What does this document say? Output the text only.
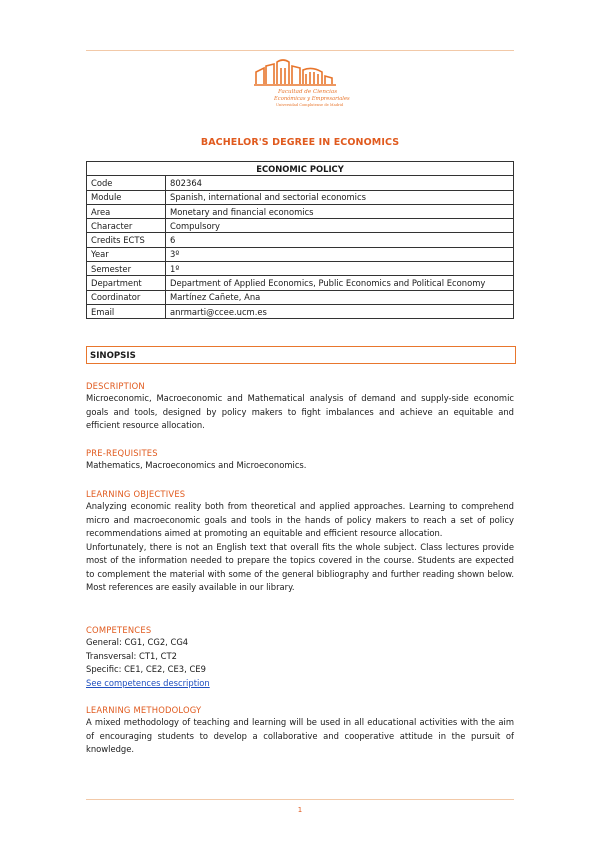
Facultad de Ciencias
Económicas y Empresariales
Universidad Complutense de Madrid
BACHELOR'S DEGREE IN ECONOMICS
ECONOMIC POLICY	
Code	802364
Module	Spanish, international and sectorial economics
Area	Monetary and financial economics
Character	Compulsory
Credits ECTS	6
Year	3º
Semester	1º
Department	Department of Applied Economics, Public Economics and Political Economy
Coordinator	Martínez Cañete, Ana
Email	anrmarti@ccee.ucm.es
SINOPSIS
DESCRIPTION
Microeconomic, Macroeconomic and Mathematical analysis of demand and supply-side economic goals and tools, designed by policy makers to fight imbalances and achieve an equitable and efficient resource allocation.
PRE-REQUISITES
Mathematics, Macroeconomics and Microeconomics.
LEARNING OBJECTIVES
Analyzing economic reality both from theoretical and applied approaches. Learning to comprehend micro and macroeconomic goals and tools in the hands of policy makers to reach a set of policy recommendations aimed at promoting an equitable and efficient resource allocation.
Unfortunately, there is not an English text that overall fits the whole subject. Class lectures provide most of the information needed to prepare the topics covered in the course. Students are expected to complement the material with some of the general bibliography and further reading shown below. Most references are easily available in our library.
COMPETENCES
General: CG1, CG2, CG4
Transversal: CT1, CT2
Specific: CE1, CE2, CE3, CE9
See competences description
LEARNING METHODOLOGY
A mixed methodology of teaching and learning will be used in all educational activities with the aim of encouraging students to develop a collaborative and cooperative attitude in the pursuit of knowledge.
1
